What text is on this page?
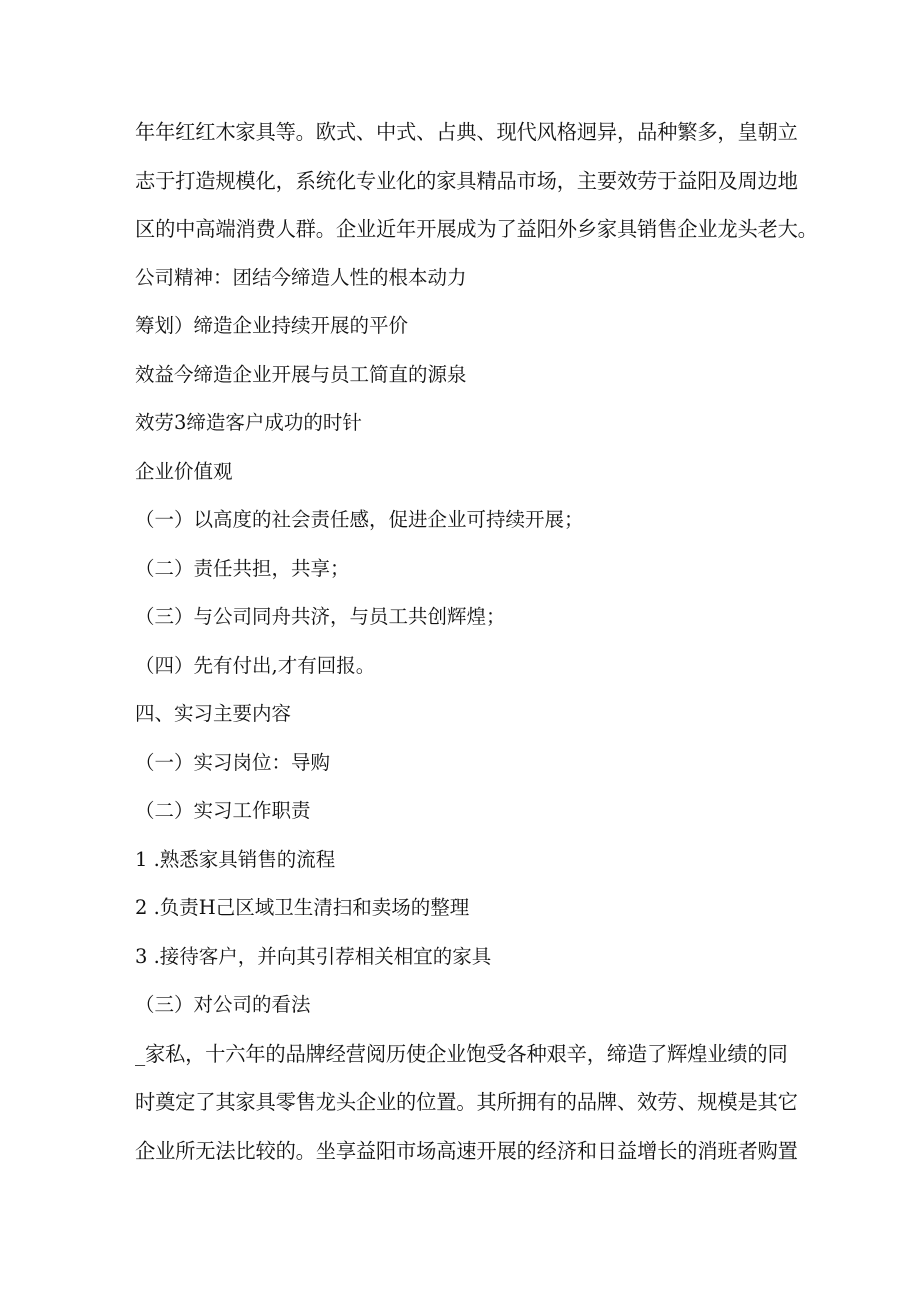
年年红红木家具等。欧式、中式、占典、现代风格迥异，品种繁多，皇朝立
志于打造规模化，系统化专业化的家具精品市场，主要效劳于益阳及周边地
区的中高端消费人群。企业近年开展成为了益阳外乡家具销售企业龙头老大。
公司精神：团结今缔造人性的根本动力
筹划）缔造企业持续开展的平价
效益今缔造企业开展与员工简直的源泉
效劳3缔造客户成功的时针
企业价值观
（一）以高度的社会责任感，促进企业可持续开展；
（二）责任共担，共享；
（三）与公司同舟共济，与员工共创辉煌；
（四）先有付出,才有回报。
四、实习主要内容
（一）实习岗位：导购
（二）实习工作职责
1 .熟悉家具销售的流程
2 .负责H己区域卫生清扫和卖场的整理
3 .接待客户，并向其引荐相关相宜的家具
（三）对公司的看法
_家私，十六年的品牌经营阅历使企业饱受各种艰辛，缔造了辉煌业绩的同
时奠定了其家具零售龙头企业的位置。其所拥有的品牌、效劳、规模是其它
企业所无法比较的。坐享益阳市场高速开展的经济和日益增长的消班者购置
